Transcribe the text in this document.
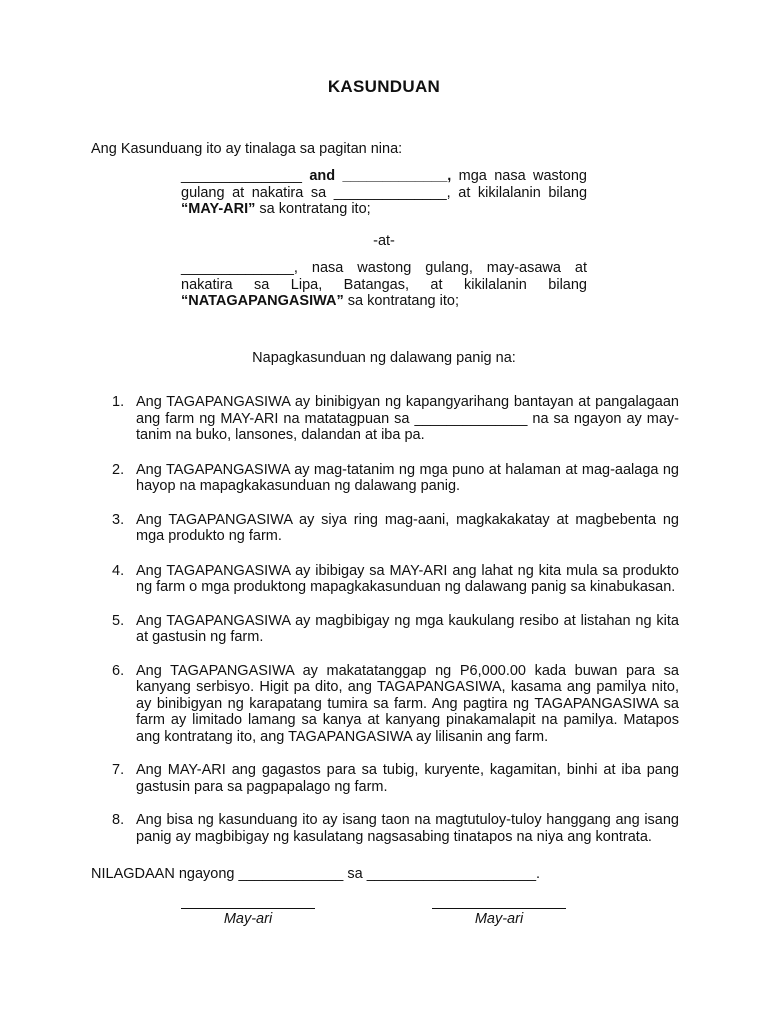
KASUNDUAN
Ang Kasunduang ito ay tinalaga sa pagitan nina:

_______________ and _____________, mga nasa wastong gulang at nakatira sa ______________, at kikilalanin bilang “MAY-ARI” sa kontratang ito;

-at-

______________, nasa wastong gulang, may-asawa at nakatira sa Lipa, Batangas, at kikilalanin bilang “NATAGAPANGASIWA” sa kontratang ito;

Napagkasunduan ng dalawang panig na:
1. Ang TAGAPANGASIWA ay binibigyan ng kapangyarihang bantayan at pangalagaan ang farm ng MAY-ARI na matatagpuan sa ______________ na sa ngayon ay may-tanim na buko, lansones, dalandan at iba pa.
2. Ang TAGAPANGASIWA ay mag-tatanim ng mga puno at halaman at mag-aalaga ng hayop na mapagkakasunduan ng dalawang panig.
3. Ang TAGAPANGASIWA ay siya ring mag-aani, magkakakatay at magbebenta ng mga produkto ng farm.
4. Ang TAGAPANGASIWA ay ibibigay sa MAY-ARI ang lahat ng kita mula sa produkto ng farm o mga produktong mapagkakasunduan ng dalawang panig sa kinabukasan.
5. Ang TAGAPANGASIWA ay magbibigay ng mga kaukulang resibo at listahan ng kita at gastusin ng farm.
6. Ang TAGAPANGASIWA ay makatatanggap ng P6,000.00 kada buwan para sa kanyang serbisyo. Higit pa dito, ang TAGAPANGASIWA, kasama ang pamilya nito, ay binibigyan ng karapatang tumira sa farm. Ang pagtira ng TAGAPANGASIWA sa farm ay limitado lamang sa kanya at kanyang pinakamalapit na pamilya. Matapos ang kontratang ito, ang TAGAPANGASIWA ay lilisanin ang farm.
7. Ang MAY-ARI ang gagastos para sa tubig, kuryente, kagamitan, binhi at iba pang gastusin para sa pagpapalago ng farm.
8. Ang bisa ng kasunduang ito ay isang taon na magtutuloy-tuloy hanggang ang isang panig ay magbibigay ng kasulatang nagsasabing tinatapos na niya ang kontrata.
NILAGDAAN ngayong _____________ sa _____________________.
May-ari	May-ari
